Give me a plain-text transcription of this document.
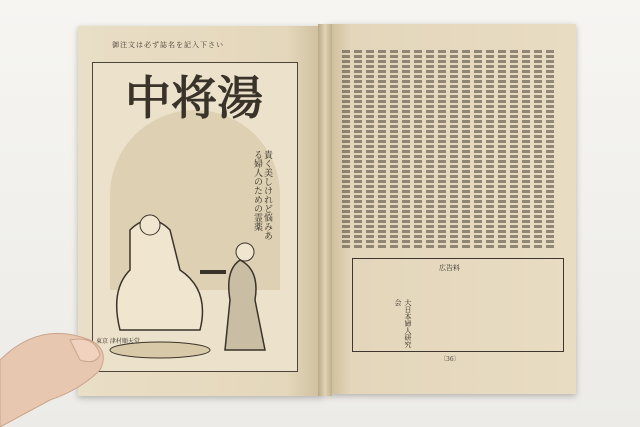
御注文は必ず誌名を記入下さい
中将湯
貴く美しけれど悩みある婦人のための霊薬
東京 津村順天堂
広告料
大日本婦人研究会
〔36〕
